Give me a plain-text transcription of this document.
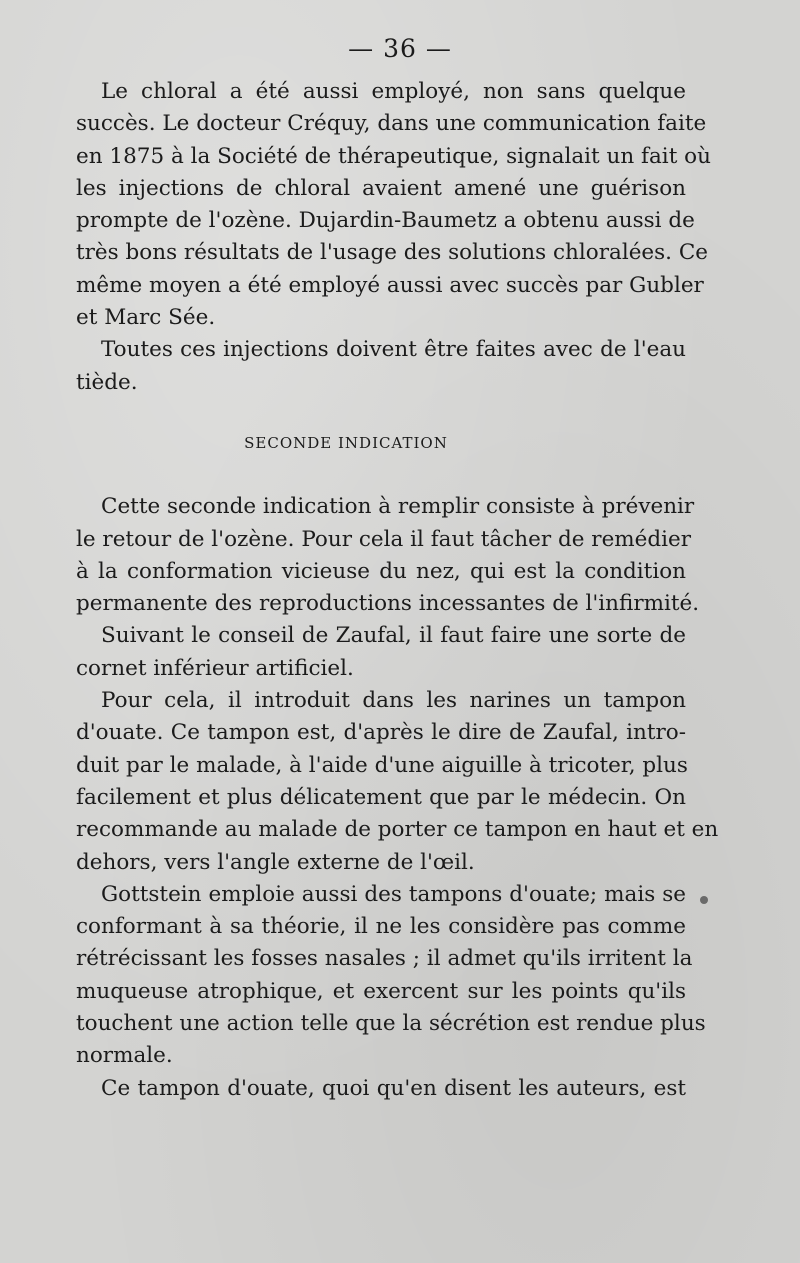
— 36 —
Le chloral a été aussi employé, non sans quelque
succès. Le docteur Créquy, dans une communication faite
en 1875 à la Société de thérapeutique, signalait un fait où
les injections de chloral avaient amené une guérison
prompte de l'ozène. Dujardin-Baumetz a obtenu aussi de
très bons résultats de l'usage des solutions chloralées. Ce
même moyen a été employé aussi avec succès par Gubler
et Marc Sée.
Toutes ces injections doivent être faites avec de l'eau
tiède.
SECONDE INDICATION
Cette seconde indication à remplir consiste à prévenir
le retour de l'ozène. Pour cela il faut tâcher de remédier
à la conformation vicieuse du nez, qui est la condition
permanente des reproductions incessantes de l'infirmité.
Suivant le conseil de Zaufal, il faut faire une sorte de
cornet inférieur artificiel.
Pour cela, il introduit dans les narines un tampon
d'ouate. Ce tampon est, d'après le dire de Zaufal, intro-
duit par le malade, à l'aide d'une aiguille à tricoter, plus
facilement et plus délicatement que par le médecin. On
recommande au malade de porter ce tampon en haut et en
dehors, vers l'angle externe de l'œil.
Gottstein emploie aussi des tampons d'ouate; mais se
conformant à sa théorie, il ne les considère pas comme
rétrécissant les fosses nasales ; il admet qu'ils irritent la
muqueuse atrophique, et exercent sur les points qu'ils
touchent une action telle que la sécrétion est rendue plus
normale.
Ce tampon d'ouate, quoi qu'en disent les auteurs, est
